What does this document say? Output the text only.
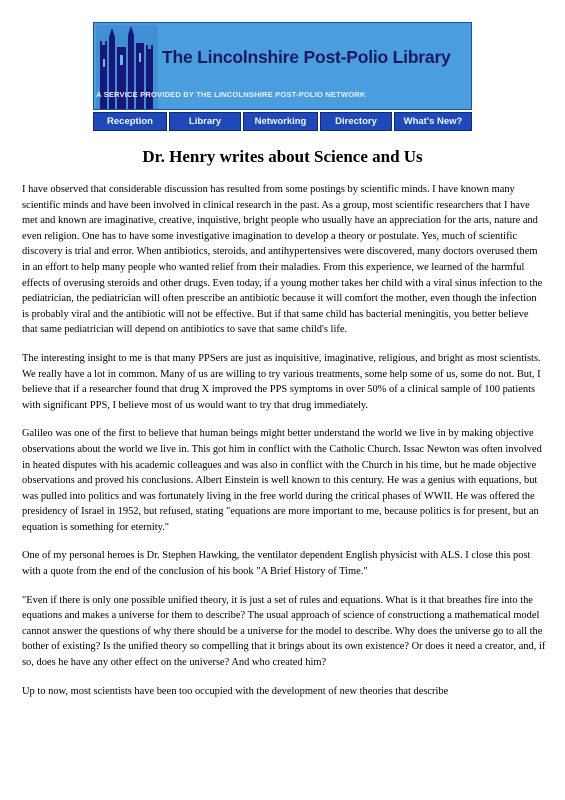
The Lincolnshire Post-Polio Library
A SERVICE PROVIDED BY THE LINCOLNSHIRE POST-POLIO NETWORK
Reception	Library	Networking	Directory	What's New?
Dr. Henry writes about Science and Us

I have observed that considerable discussion has resulted from some postings by scientific minds. I have known many scientific minds and have been involved in clinical research in the past. As a group, most scientific researchers that I have met and known are imaginative, creative, inquistive, bright people who usually have an appreciation for the arts, nature and even religion. One has to have some investigative imagination to develop a theory or postulate. Yes, much of scientific discovery is trial and error. When antibiotics, steroids, and antihypertensives were discovered, many doctors overused them in an effort to help many people who wanted relief from their maladies. From this experience, we learned of the harmful effects of overusing steroids and other drugs. Even today, if a young mother takes her child with a viral sinus infection to the pediatrician, the pediatrician will often prescribe an antibiotic because it will comfort the mother, even though the infection is probably viral and the antibiotic will not be effective. But if that same child has bacterial meningitis, you better believe that same pediatrician will depend on antibiotics to save that same child's life.

The interesting insight to me is that many PPSers are just as inquisitive, imaginative, religious, and bright as most scientists. We really have a lot in common. Many of us are willing to try various treatments, some help some of us, some do not. But, I believe that if a researcher found that drug X improved the PPS symptoms in over 50% of a clinical sample of 100 patients with significant PPS, I believe most of us would want to try that drug immediately.

Galileo was one of the first to believe that human beings might better understand the world we live in by making objective observations about the world we live in. This got him in conflict with the Catholic Church. Issac Newton was often involved in heated disputes with his academic colleagues and was also in conflict with the Church in his time, but he made objective observations and proved his conclusions. Albert Einstein is well known to this century. He was a genius with equations, but was pulled into politics and was fortunately living in the free world during the critical phases of WWII. He was offered the presidency of Israel in 1952, but refused, stating "equations are more important to me, because politics is for present, but an equation is something for eternity."

One of my personal heroes is Dr. Stephen Hawking, the ventilator dependent English physicist with ALS. I close this post with a quote from the end of the conclusion of his book "A Brief History of Time."

"Even if there is only one possible unified theory, it is just a set of rules and equations. What is it that breathes fire into the equations and makes a universe for them to describe? The usual approach of science of constructiong a mathematical model cannot answer the questions of why there should be a universe for the model to describe. Why does the universe go to all the bother of existing? Is the unified theory so compelling that it brings about its own existence? Or does it need a creator, and, if so, does he have any other effect on the universe? And who created him?

Up to now, most scientists have been too occupied with the development of new theories that describe
